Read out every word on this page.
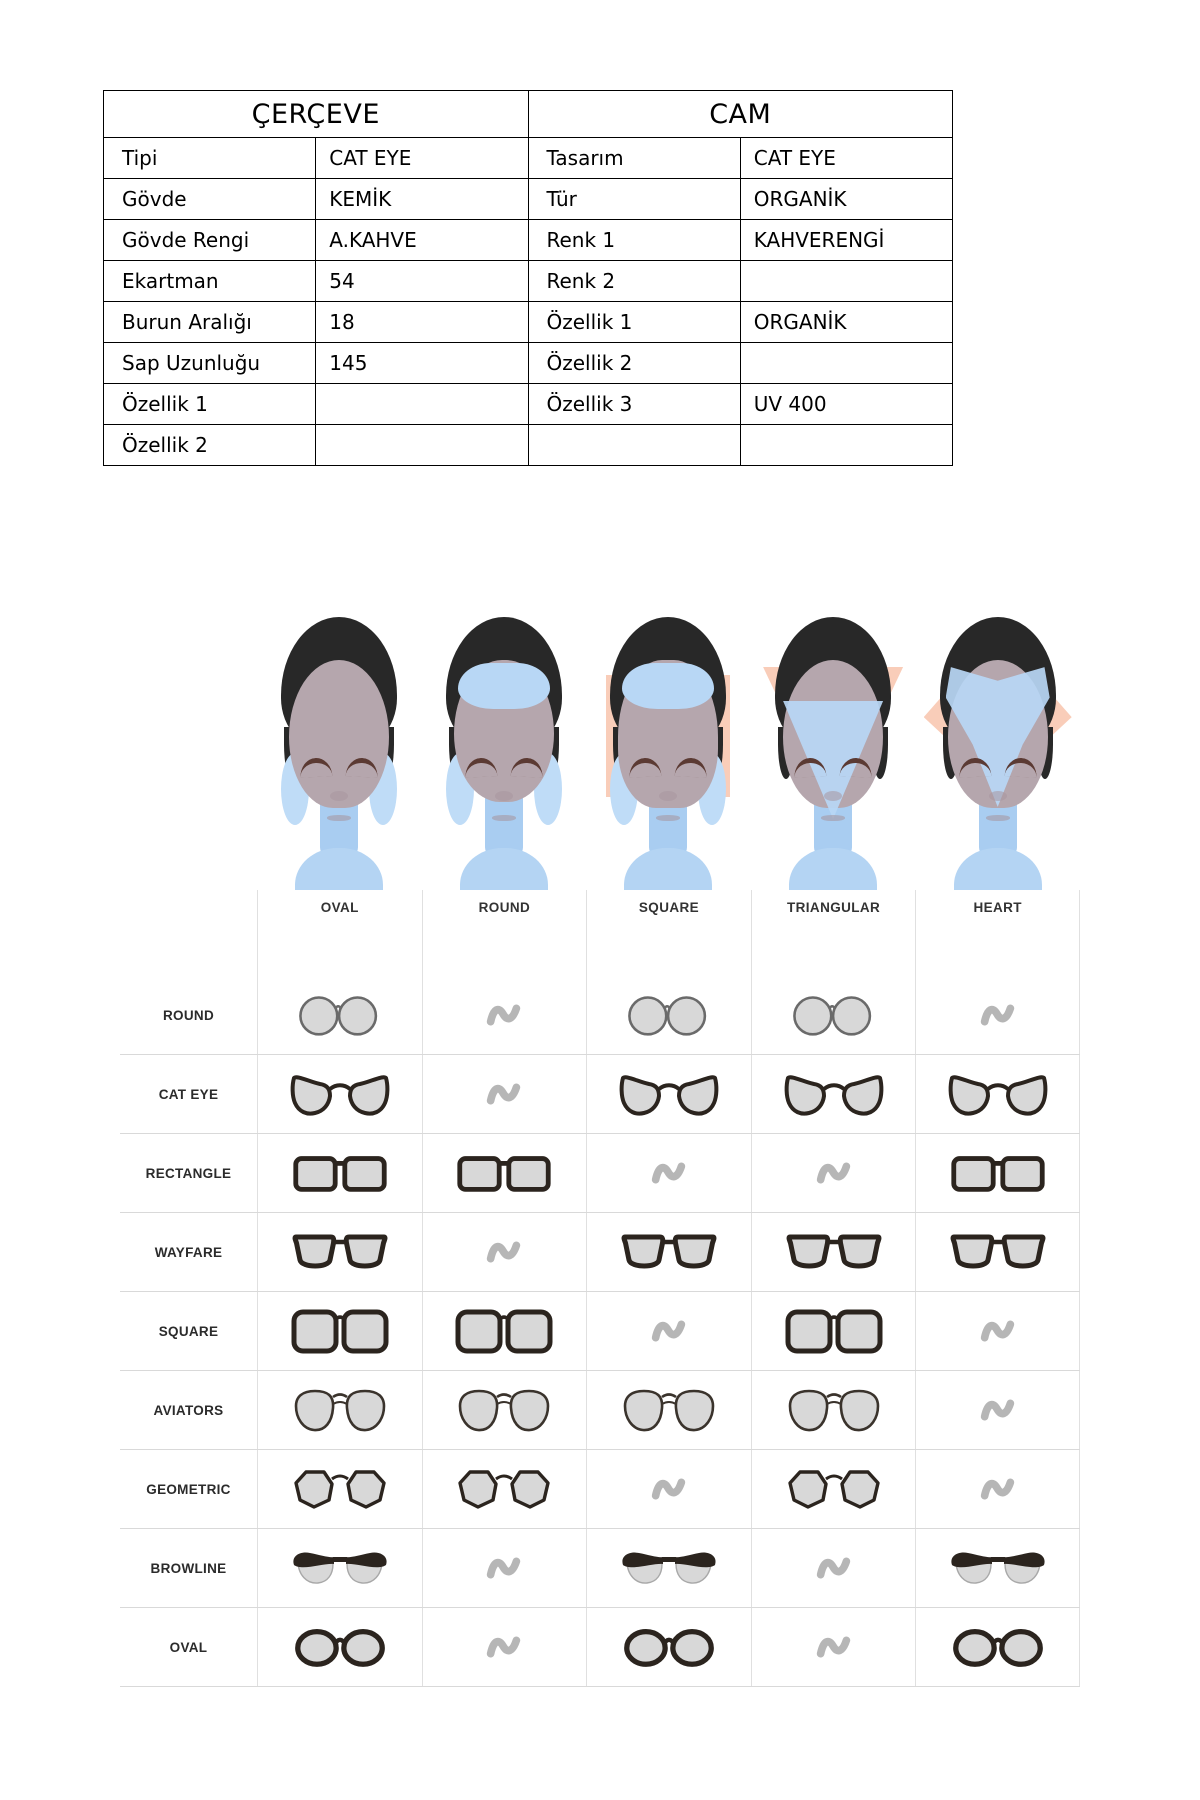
ÇERÇEVE		CAM	
Tipi	CAT EYE	Tasarım	CAT EYE
Gövde	KEMİK	Tür	ORGANİK
Gövde Rengi	A.KAHVE	Renk 1	KAHVERENGİ
Ekartman	54	Renk 2	
Burun Aralığı	18	Özellik 1	ORGANİK
Sap Uzunluğu	145	Özellik 2	
Özellik 1		Özellik 3	UV 400
Özellik 2			
OVAL	ROUND	SQUARE	TRIANGULAR	HEART
ROUND
CAT EYE
RECTANGLE
WAYFARE
SQUARE
AVIATORS
GEOMETRIC
BROWLINE
OVAL
